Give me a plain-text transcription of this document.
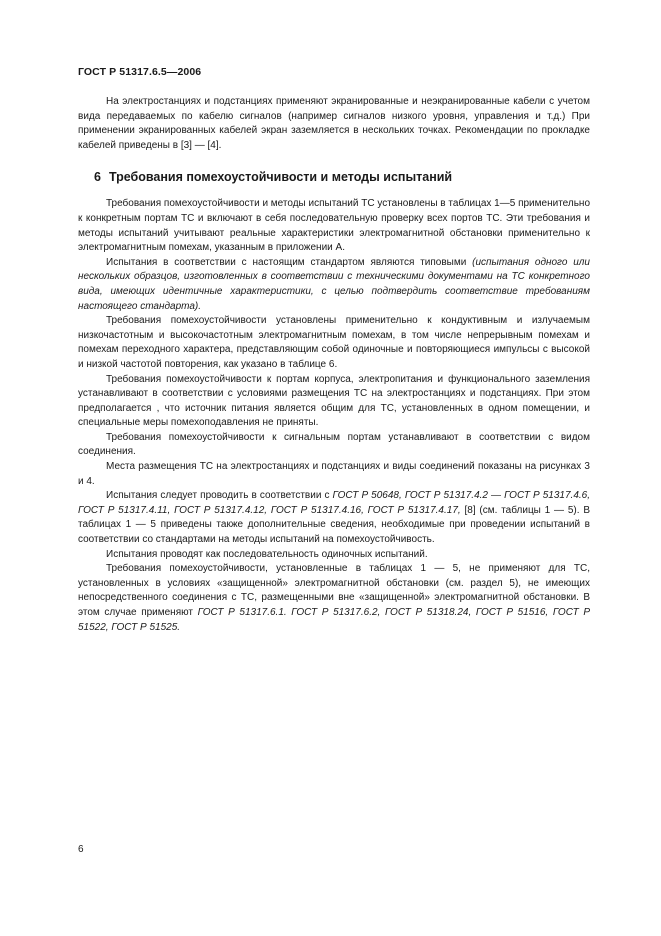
ГОСТ Р 51317.6.5—2006

На электростанциях и подстанциях применяют экранированные и неэкранированные кабели с учетом вида передаваемых по кабелю сигналов (например сигналов низкого уровня, управления и т.д.) При применении экранированных кабелей экран заземляется в нескольких точках. Рекомендации по прокладке кабелей приведены в [3] — [4].

6 Требования помехоустойчивости и методы испытаний

Требования помехоустойчивости и методы испытаний ТС установлены в таблицах 1—5 применительно к конкретным портам ТС и включают в себя последовательную проверку всех портов ТС. Эти требования и методы испытаний учитывают реальные характеристики электромагнитной обстановки применительно к электромагнитным помехам, указанным в приложении А.

Испытания в соответствии с настоящим стандартом являются типовыми (испытания одного или нескольких образцов, изготовленных в соответствии с техническими документами на ТС конкретного вида, имеющих идентичные характеристики, с целью подтвердить соответствие требованиям настоящего стандарта).

Требования помехоустойчивости установлены применительно к кондуктивным и излучаемым низкочастотным и высокочастотным электромагнитным помехам, в том числе непрерывным помехам и помехам переходного характера, представляющим собой одиночные и повторяющиеся импульсы с высокой и низкой частотой повторения, как указано в таблице 6.

Требования помехоустойчивости к портам корпуса, электропитания и функционального заземления устанавливают в соответствии с условиями размещения ТС на электростанциях и подстанциях. При этом предполагается , что источник питания является общим для ТС, установленных в одном помещении, и специальные меры помехоподавления не приняты.

Требования помехоустойчивости к сигнальным портам устанавливают в соответствии с видом соединения.

Места размещения ТС на электростанциях и подстанциях и виды соединений показаны на рисунках 3 и 4.

Испытания следует проводить в соответствии с ГОСТ Р 50648, ГОСТ Р 51317.4.2 — ГОСТ Р 51317.4.6, ГОСТ Р 51317.4.11, ГОСТ Р 51317.4.12, ГОСТ Р 51317.4.16, ГОСТ Р 51317.4.17, [8] (см. таблицы 1 — 5). В таблицах 1 — 5 приведены также дополнительные сведения, необходимые при проведении испытаний в соответствии со стандартами на методы испытаний на помехоустойчивость.

Испытания проводят как последовательность одиночных испытаний.

Требования помехоустойчивости, установленные в таблицах 1 — 5, не применяют для ТС, установленных в условиях «защищенной» электромагнитной обстановки (см. раздел 5), не имеющих непосредственного соединения с ТС, размещенными вне «защищенной» электромагнитной обстановки. В этом случае применяют ГОСТ Р 51317.6.1. ГОСТ Р 51317.6.2, ГОСТ Р 51318.24, ГОСТ Р 51516, ГОСТ Р 51522, ГОСТ Р 51525.

6
